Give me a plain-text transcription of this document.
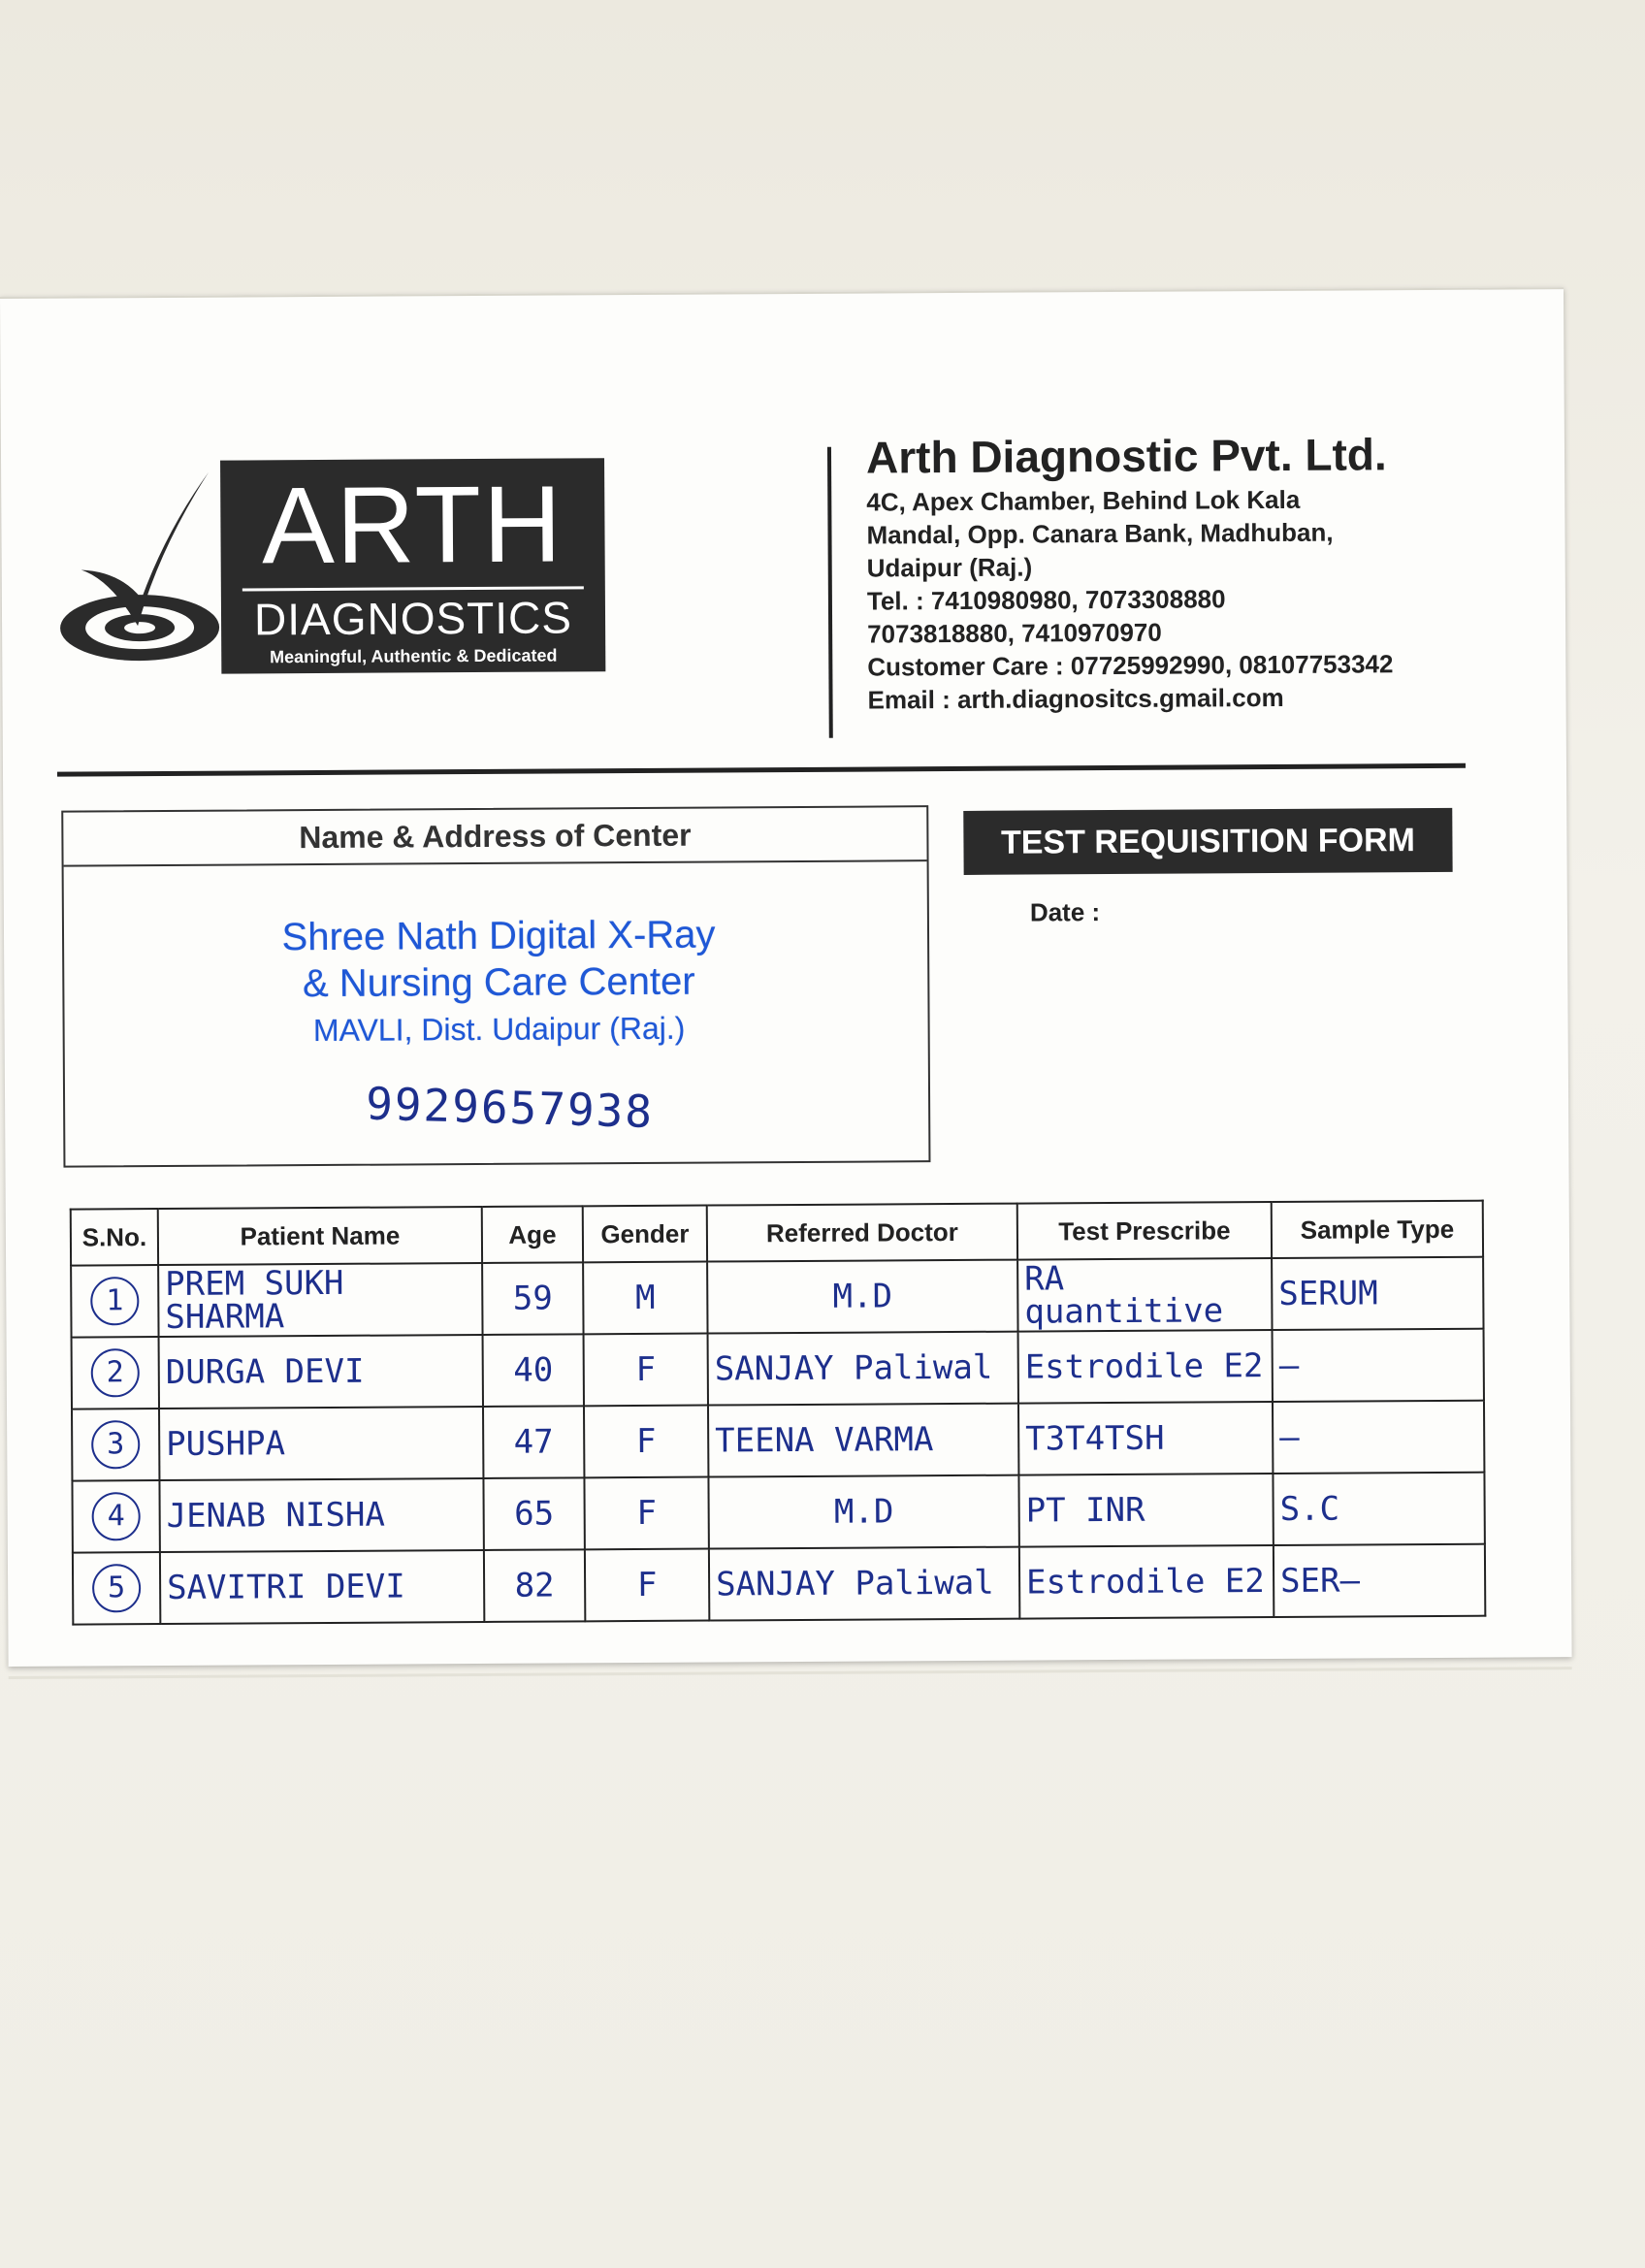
ARTH
DIAGNOSTICS
Meaningful, Authentic & Dedicated
Arth Diagnostic Pvt. Ltd.
4C, Apex Chamber, Behind Lok Kala
Mandal, Opp. Canara Bank, Madhuban,
Udaipur (Raj.)
Tel. : 7410980980, 7073308880
7073818880, 7410970970
Customer Care : 07725992990, 08107753342
Email : arth.diagnositcs.gmail.com
Name & Address of Center
Shree Nath Digital X-Ray
& Nursing Care Center
MAVLI, Dist. Udaipur (Raj.)
9929657938
TEST REQUISITION FORM
Date :
S.No.	Patient Name	Age	Gender	Referred Doctor	Test Prescribe	Sample Type
1	PREM SUKH SHARMA	59	M	M.D	RA quantitive	SERUM
2	DURGA DEVI	40	F	SANJAY Paliwal	Estrodile E2	—
3	PUSHPA	47	F	TEENA VARMA	T3T4TSH	—
4	JENAB NISHA	65	F	M.D	PT INR	S.C
5	SAVITRI DEVI	82	F	SANJAY Paliwal	Estrodile E2	SER—
